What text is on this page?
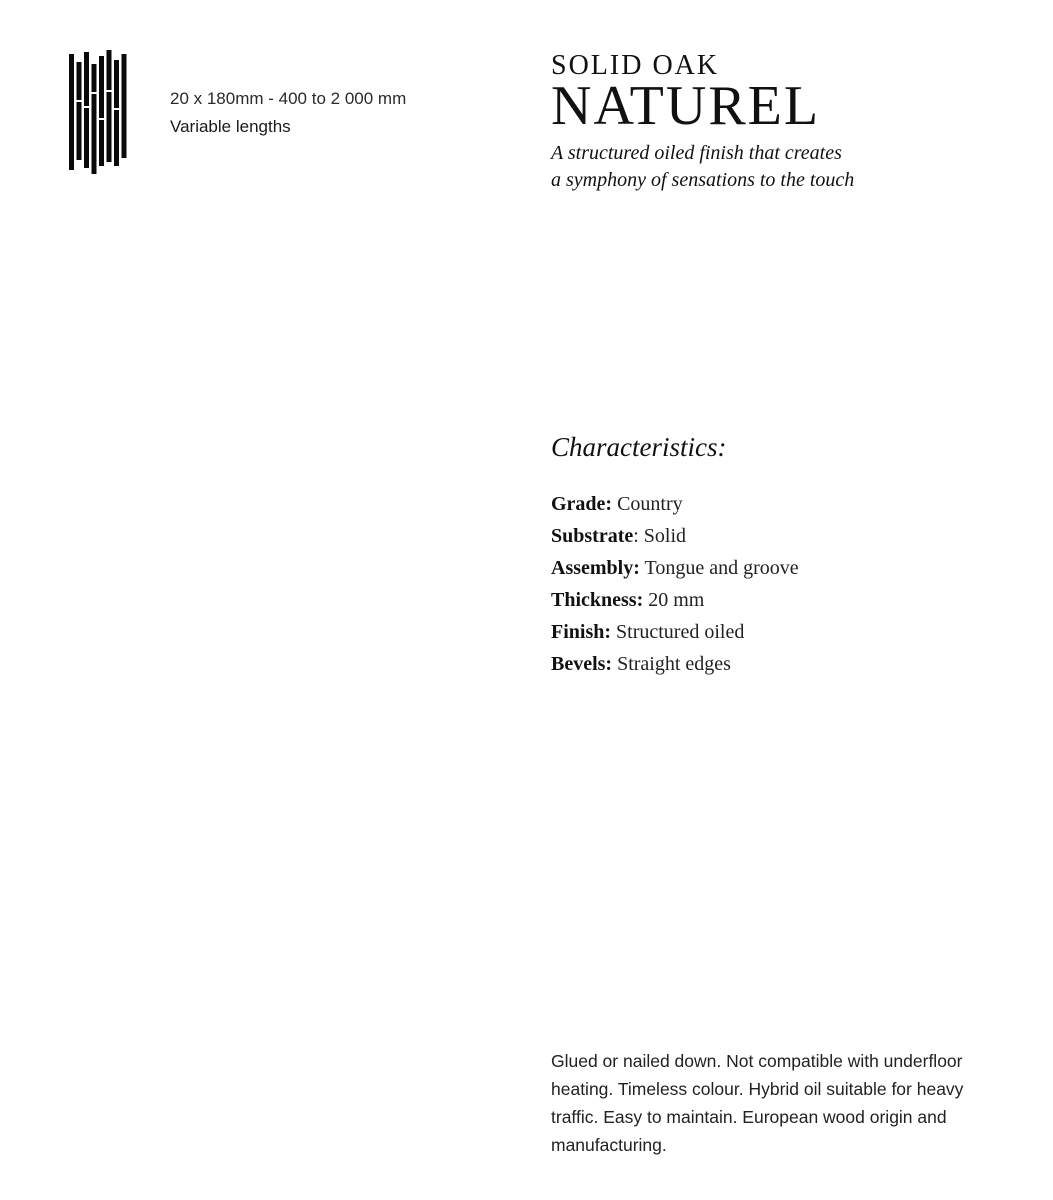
20 x 180mm - 400 to 2 000 mm
Variable lengths
SOLID OAK
NATUREL
A structured oiled finish that creates
a symphony of sensations to the touch
Characteristics:
Grade: Country
Substrate: Solid
Assembly: Tongue and groove
Thickness: 20 mm
Finish: Structured oiled
Bevels: Straight edges
Glued or nailed down. Not compatible with underfloor heating. Timeless colour. Hybrid oil suitable for heavy traffic. Easy to maintain. European wood origin and manufacturing.
